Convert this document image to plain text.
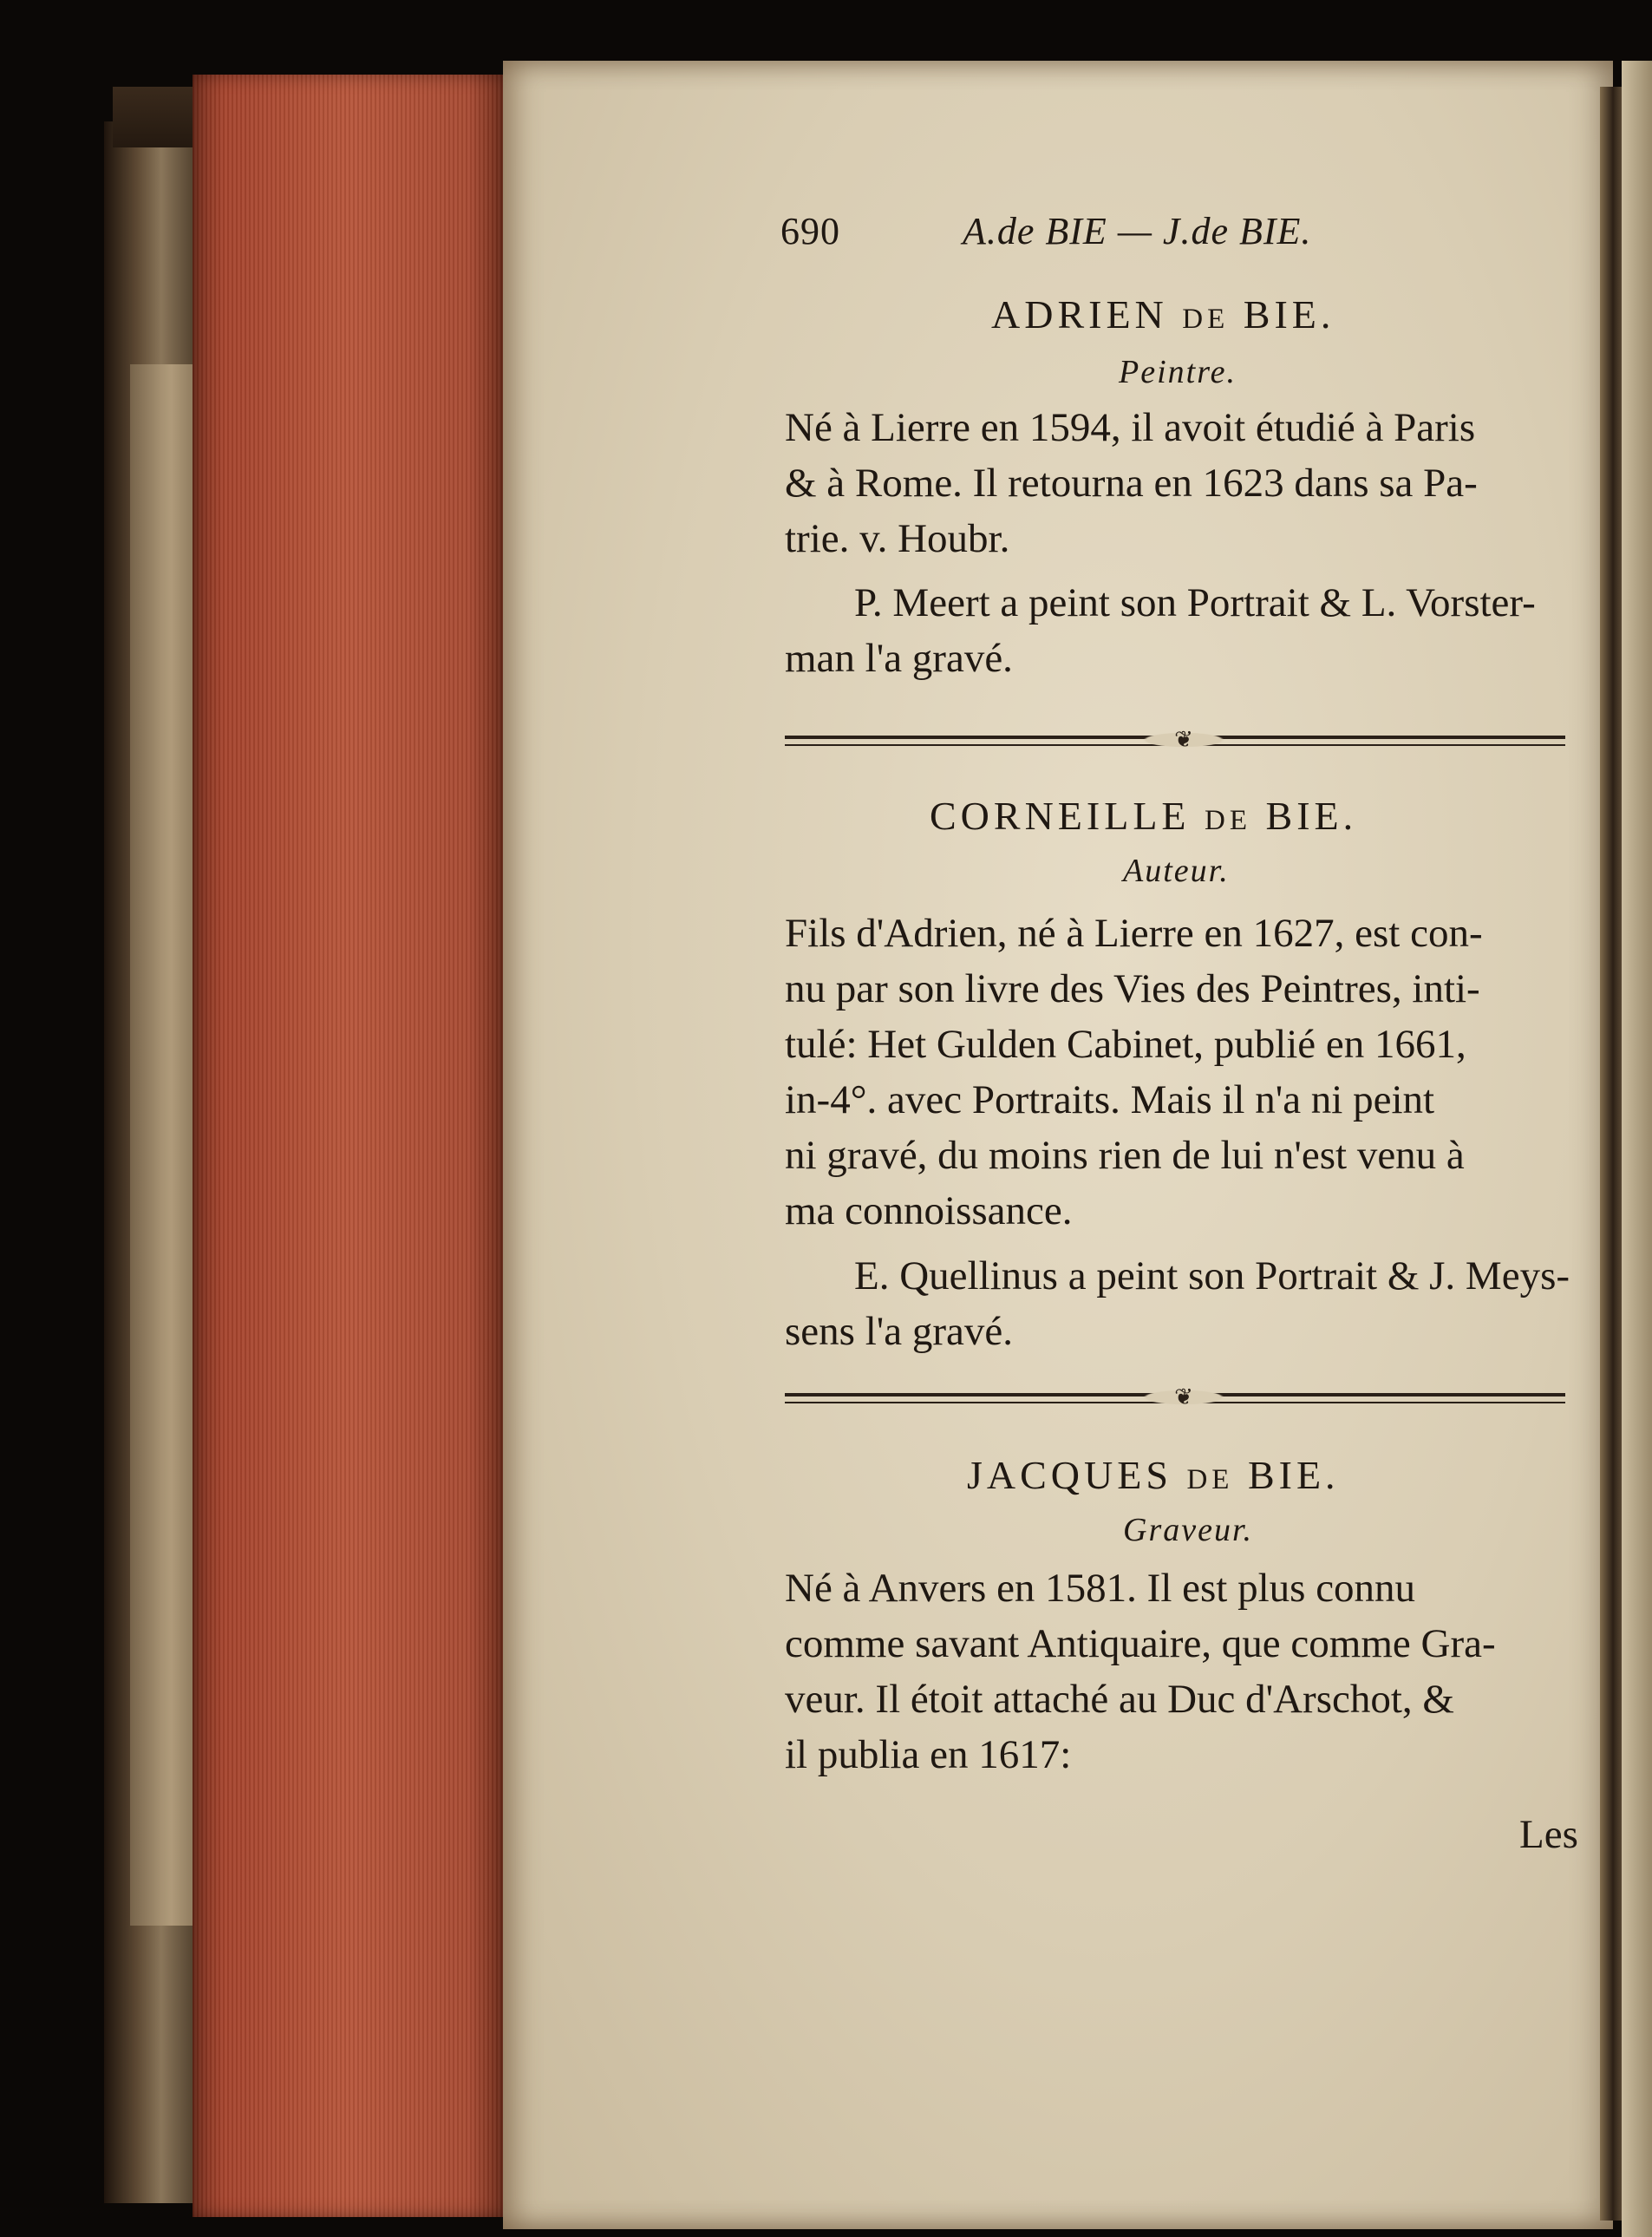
690	A.de BIE — J.de BIE.
ADRIEN DE BIE.
Peintre.
Né à Lierre en 1594, il avoit étudié à Paris
& à Rome. Il retourna en 1623 dans sa Pa-
trie. v. Houbr.
P. Meert a peint son Portrait & L. Vorster-
man l'a gravé.
❦
CORNEILLE DE BIE.
Auteur.
Fils d'Adrien, né à Lierre en 1627, est con-
nu par son livre des Vies des Peintres, inti-
tulé: Het Gulden Cabinet, publié en 1661,
in-4°. avec Portraits. Mais il n'a ni peint
ni gravé, du moins rien de lui n'est venu à
ma connoissance.
E. Quellinus a peint son Portrait & J. Meys-
sens l'a gravé.
❦
JACQUES DE BIE.
Graveur.
Né à Anvers en 1581. Il est plus connu
comme savant Antiquaire, que comme Gra-
veur. Il étoit attaché au Duc d'Arschot, &
il publia en 1617:
Les
